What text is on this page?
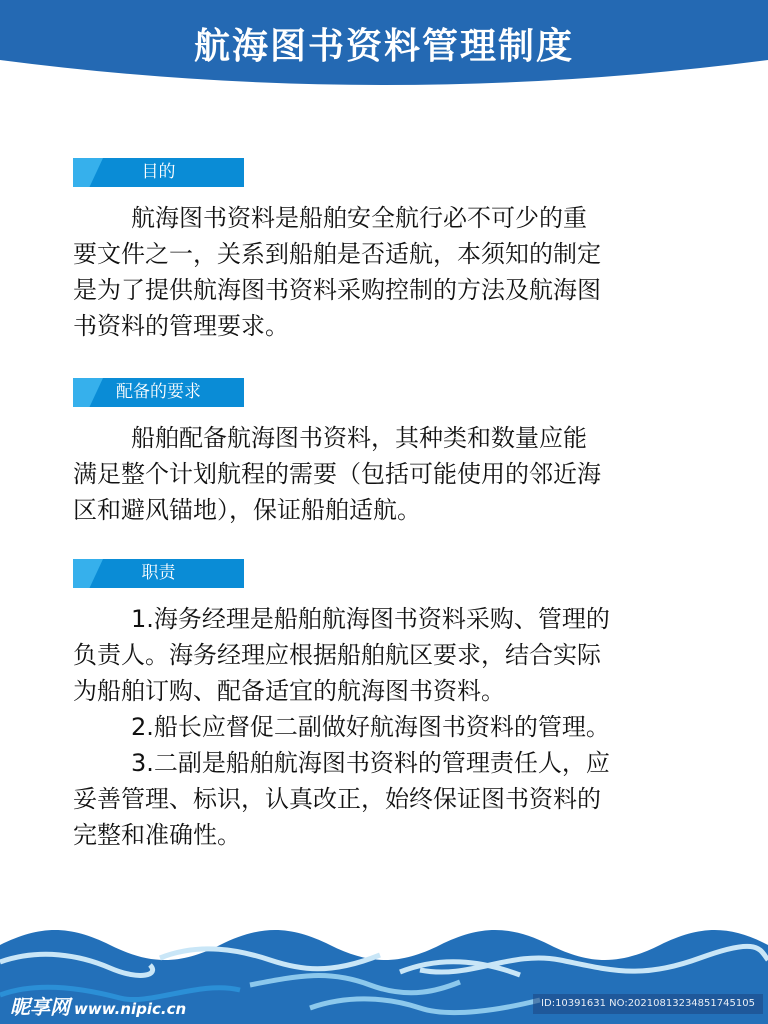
航海图书资料管理制度
目的
航海图书资料是船舶安全航行必不可少的重
要文件之一，关系到船舶是否适航，本须知的制定
是为了提供航海图书资料采购控制的方法及航海图
书资料的管理要求。
配备的要求
船舶配备航海图书资料，其种类和数量应能
满足整个计划航程的需要（包括可能使用的邻近海
区和避风锚地），保证船舶适航。
职责
1.海务经理是船舶航海图书资料采购、管理的
负责人。海务经理应根据船舶航区要求，结合实际
为船舶订购、配备适宜的航海图书资料。
2.船长应督促二副做好航海图书资料的管理。
3.二副是船舶航海图书资料的管理责任人，应
妥善管理、标识，认真改正，始终保证图书资料的
完整和准确性。
昵享网 www.nipic.cn	ID:10391631 NO:20210813234851745105
